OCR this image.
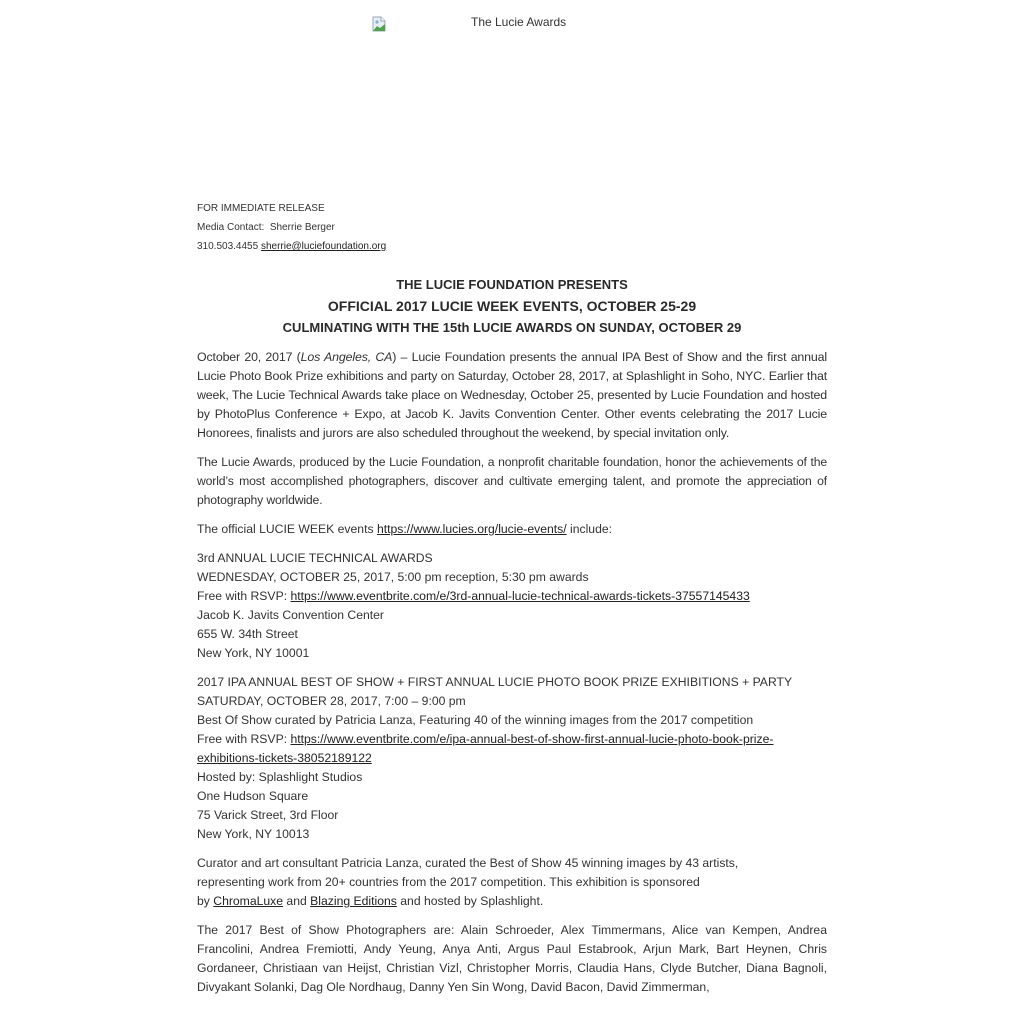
The Lucie Awards
FOR IMMEDIATE RELEASE
Media Contact: Sherrie Berger
310.503.4455 sherrie@luciefoundation.org
THE LUCIE FOUNDATION PRESENTS
OFFICIAL 2017 LUCIE WEEK EVENTS, OCTOBER 25-29
CULMINATING WITH THE 15th LUCIE AWARDS ON SUNDAY, OCTOBER 29

October 20, 2017 (Los Angeles, CA) – Lucie Foundation presents the annual IPA Best of Show and the first annual Lucie Photo Book Prize exhibitions and party on Saturday, October 28, 2017, at Splashlight in Soho, NYC. Earlier that week, The Lucie Technical Awards take place on Wednesday, October 25, presented by Lucie Foundation and hosted by PhotoPlus Conference + Expo, at Jacob K. Javits Convention Center. Other events celebrating the 2017 Lucie Honorees, finalists and jurors are also scheduled throughout the weekend, by special invitation only.

The Lucie Awards, produced by the Lucie Foundation, a nonprofit charitable foundation, honor the achievements of the world’s most accomplished photographers, discover and cultivate emerging talent, and promote the appreciation of photography worldwide.

The official LUCIE WEEK events https://www.lucies.org/lucie-events/ include:

3rd ANNUAL LUCIE TECHNICAL AWARDS
WEDNESDAY, OCTOBER 25, 2017, 5:00 pm reception, 5:30 pm awards
Free with RSVP: https://www.eventbrite.com/e/3rd-annual-lucie-technical-awards-tickets-37557145433
Jacob K. Javits Convention Center
655 W. 34th Street
New York, NY 10001
2017 IPA ANNUAL BEST OF SHOW + FIRST ANNUAL LUCIE PHOTO BOOK PRIZE EXHIBITIONS + PARTY
SATURDAY, OCTOBER 28, 2017, 7:00 – 9:00 pm
Best Of Show curated by Patricia Lanza, Featuring 40 of the winning images from the 2017 competition
Free with RSVP: https://www.eventbrite.com/e/ipa-annual-best-of-show-first-annual-lucie-photo-book-prize-
exhibitions-tickets-38052189122
Hosted by: Splashlight Studios
One Hudson Square
75 Varick Street, 3rd Floor
New York, NY 10013
Curator and art consultant Patricia Lanza, curated the Best of Show 45 winning images by 43 artists,
representing work from 20+ countries from the 2017 competition. This exhibition is sponsored
by ChromaLuxe and Blazing Editions and hosted by Splashlight.

The 2017 Best of Show Photographers are: Alain Schroeder, Alex Timmermans, Alice van Kempen, Andrea Francolini, Andrea Fremiotti, Andy Yeung, Anya Anti, Argus Paul Estabrook, Arjun Mark, Bart Heynen, Chris Gordaneer, Christiaan van Heijst, Christian Vizl, Christopher Morris, Claudia Hans, Clyde Butcher, Diana Bagnoli, Divyakant Solanki, Dag Ole Nordhaug, Danny Yen Sin Wong, David Bacon, David Zimmerman,
